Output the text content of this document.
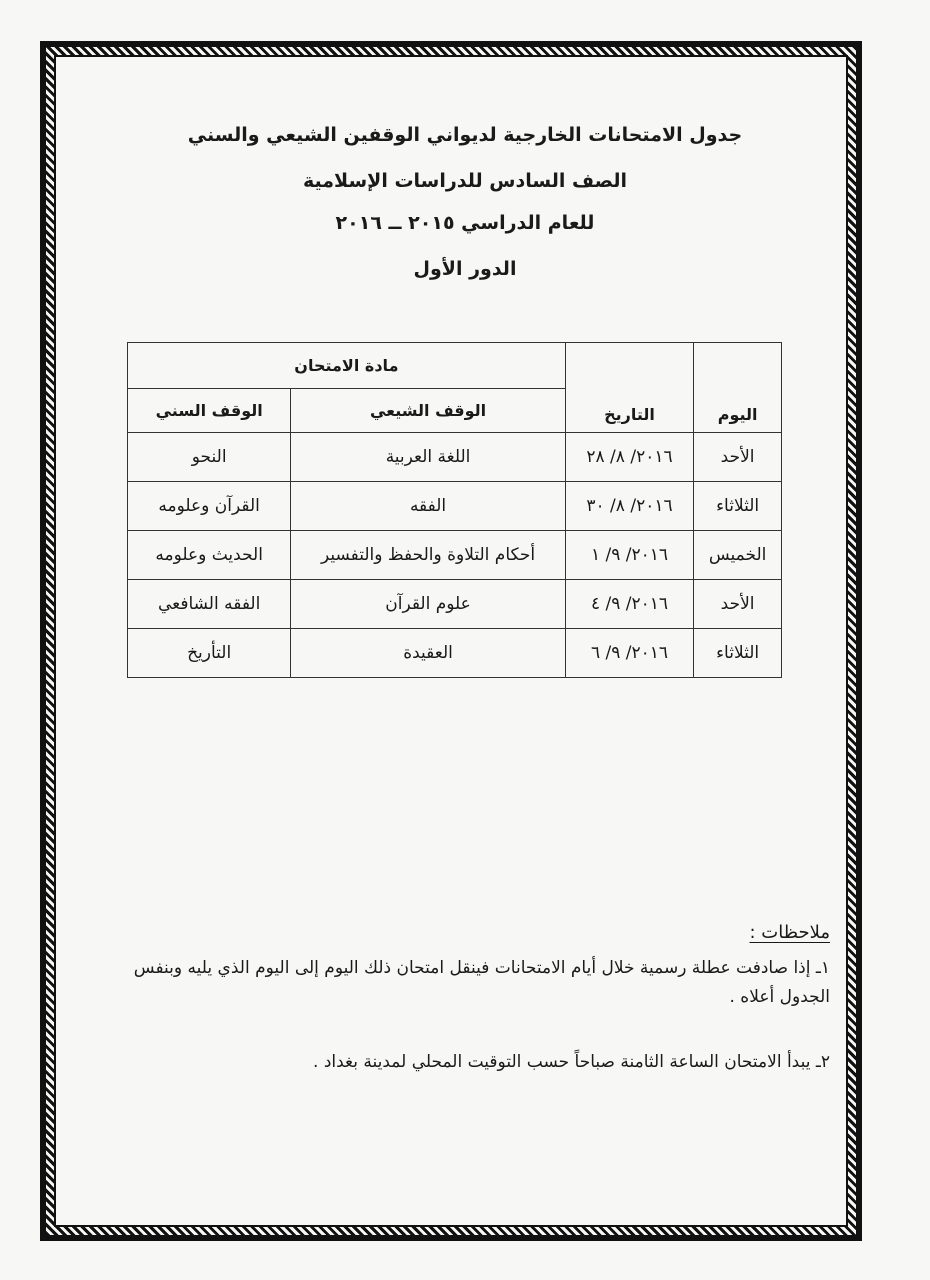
جدول الامتحانات الخارجية لديواني الوقفين الشيعي والسني
الصف السادس للدراسات الإسلامية
للعام الدراسي ٢٠١٥ ــ ٢٠١٦
الدور الأول
اليوم	التاريخ	مادة الامتحان	
		الوقف الشيعي	الوقف السني
الأحد	٢٠١٦/ ٨/ ٢٨	اللغة العربية	النحو
الثلاثاء	٢٠١٦/ ٨/ ٣٠	الفقه	القرآن وعلومه
الخميس	٢٠١٦/ ٩/ ١	أحكام التلاوة والحفظ والتفسير	الحديث وعلومه
الأحد	٢٠١٦/ ٩/ ٤	علوم القرآن	الفقه الشافعي
الثلاثاء	٢٠١٦/ ٩/ ٦	العقيدة	التأريخ
ملاحظات :
١ـ إذا صادفت عطلة رسمية خلال أيام الامتحانات فينقل امتحان ذلك اليوم إلى اليوم الذي يليه وبنفس الجدول أعلاه .
٢ـ يبدأ الامتحان الساعة الثامنة صباحاً حسب التوقيت المحلي لمدينة بغداد .
